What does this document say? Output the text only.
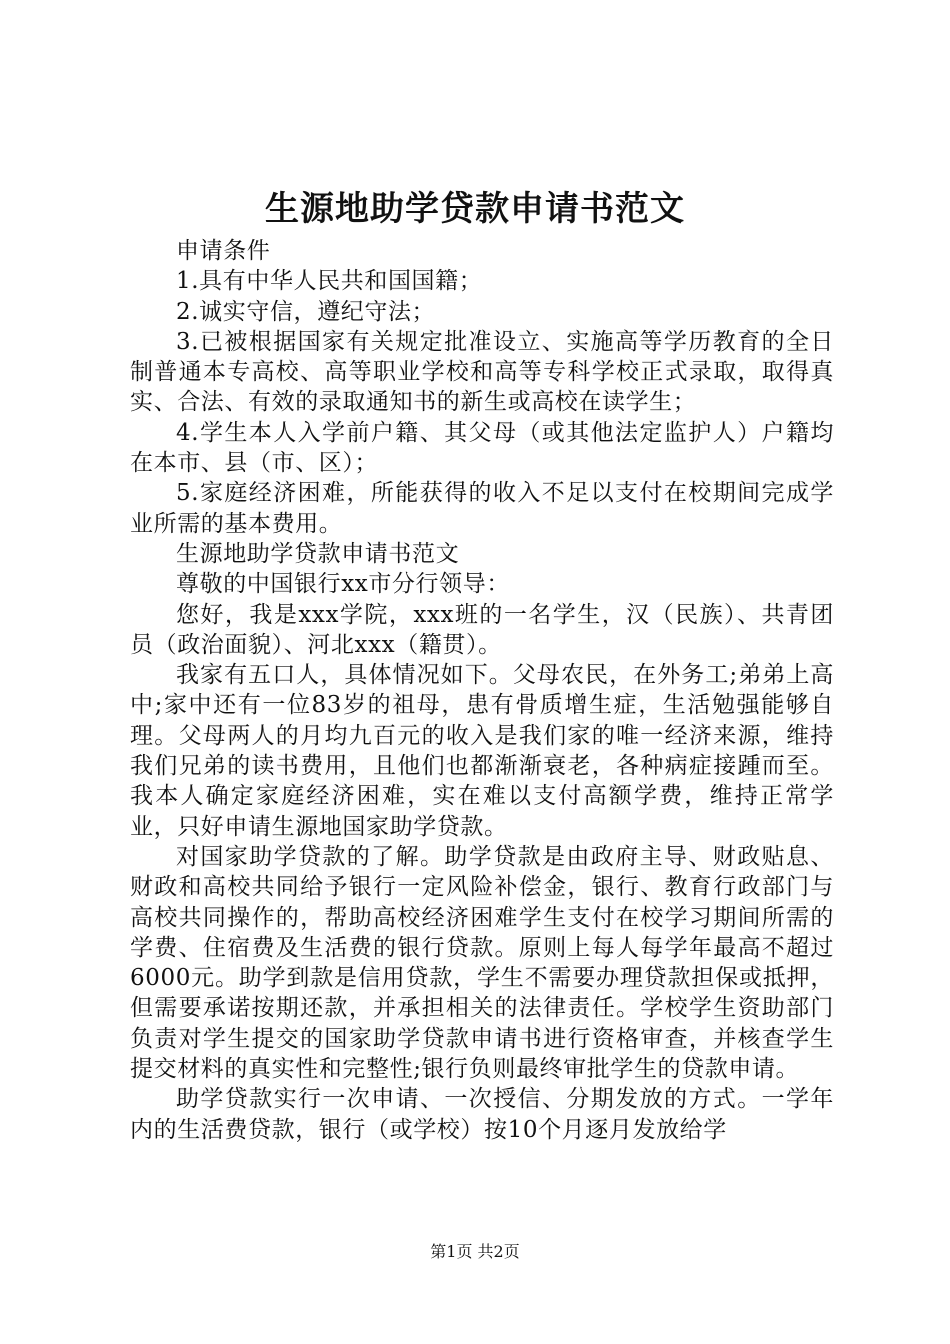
生源地助学贷款申请书范文

申请条件

1.具有中华人民共和国国籍；

2.诚实守信，遵纪守法；

3.已被根据国家有关规定批准设立、实施高等学历教育的全日制普通本专高校、高等职业学校和高等专科学校正式录取，取得真实、合法、有效的录取通知书的新生或高校在读学生；

4.学生本人入学前户籍、其父母（或其他法定监护人）户籍均在本市、县（市、区）；

5.家庭经济困难，所能获得的收入不足以支付在校期间完成学业所需的基本费用。

生源地助学贷款申请书范文

尊敬的中国银行xx市分行领导：

您好，我是xxx学院，xxx班的一名学生，汉（民族）、共青团员（政治面貌）、河北xxx（籍贯）。

我家有五口人，具体情况如下。父母农民，在外务工;弟弟上高中;家中还有一位83岁的祖母，患有骨质增生症，生活勉强能够自理。父母两人的月均九百元的收入是我们家的唯一经济来源，维持我们兄弟的读书费用，且他们也都渐渐衰老，各种病症接踵而至。我本人确定家庭经济困难，实在难以支付高额学费，维持正常学业，只好申请生源地国家助学贷款。

对国家助学贷款的了解。助学贷款是由政府主导、财政贴息、财政和高校共同给予银行一定风险补偿金，银行、教育行政部门与高校共同操作的，帮助高校经济困难学生支付在校学习期间所需的学费、住宿费及生活费的银行贷款。原则上每人每学年最高不超过6000元。助学到款是信用贷款，学生不需要办理贷款担保或抵押，但需要承诺按期还款，并承担相关的法律责任。学校学生资助部门负责对学生提交的国家助学贷款申请书进行资格审查，并核查学生提交材料的真实性和完整性;银行负则最终审批学生的贷款申请。

助学贷款实行一次申请、一次授信、分期发放的方式。一学年内的生活费贷款，银行（或学校）按10个月逐月发放给学

第1页 共2页
